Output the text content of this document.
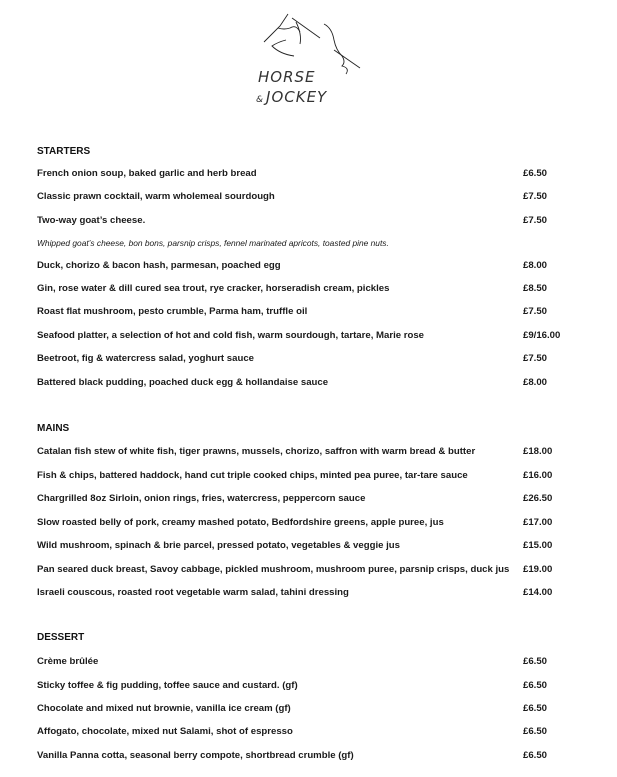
HORSE
& JOCKEY
STARTERS
French onion soup, baked garlic and herb bread	£6.50
Classic prawn cocktail, warm wholemeal sourdough	£7.50
Two-way goat’s cheese.	£7.50
Whipped goat’s cheese, bon bons, parsnip crisps, fennel marinated apricots, toasted pine nuts.
Duck, chorizo & bacon hash, parmesan, poached egg	£8.00
Gin, rose water & dill cured sea trout, rye cracker, horseradish cream, pickles	£8.50
Roast flat mushroom, pesto crumble, Parma ham, truffle oil	£7.50
Seafood platter, a selection of hot and cold fish, warm sourdough, tartare, Marie rose	£9/16.00
Beetroot, fig & watercress salad, yoghurt sauce	£7.50
Battered black pudding, poached duck egg & hollandaise sauce	£8.00
MAINS
Catalan fish stew of white fish, tiger prawns, mussels, chorizo, saffron with warm bread & butter	£18.00
Fish & chips, battered haddock, hand cut triple cooked chips, minted pea puree, tar-tare sauce	£16.00
Chargrilled 8oz Sirloin, onion rings, fries, watercress, peppercorn sauce	£26.50
Slow roasted belly of pork, creamy mashed potato, Bedfordshire greens, apple puree, jus	£17.00
Wild mushroom, spinach & brie parcel, pressed potato, vegetables & veggie jus	£15.00
Pan seared duck breast, Savoy cabbage, pickled mushroom, mushroom puree, parsnip crisps, duck jus £19.00
Israeli couscous, roasted root vegetable warm salad, tahini dressing	£14.00
DESSERT
Crème brûlée	£6.50
Sticky toffee & fig pudding, toffee sauce and custard. (gf)	£6.50
Chocolate and mixed nut brownie, vanilla ice cream (gf)	£6.50
Affogato, chocolate, mixed nut Salami, shot of espresso	£6.50
Vanilla Panna cotta, seasonal berry compote, shortbread crumble (gf)	£6.50
